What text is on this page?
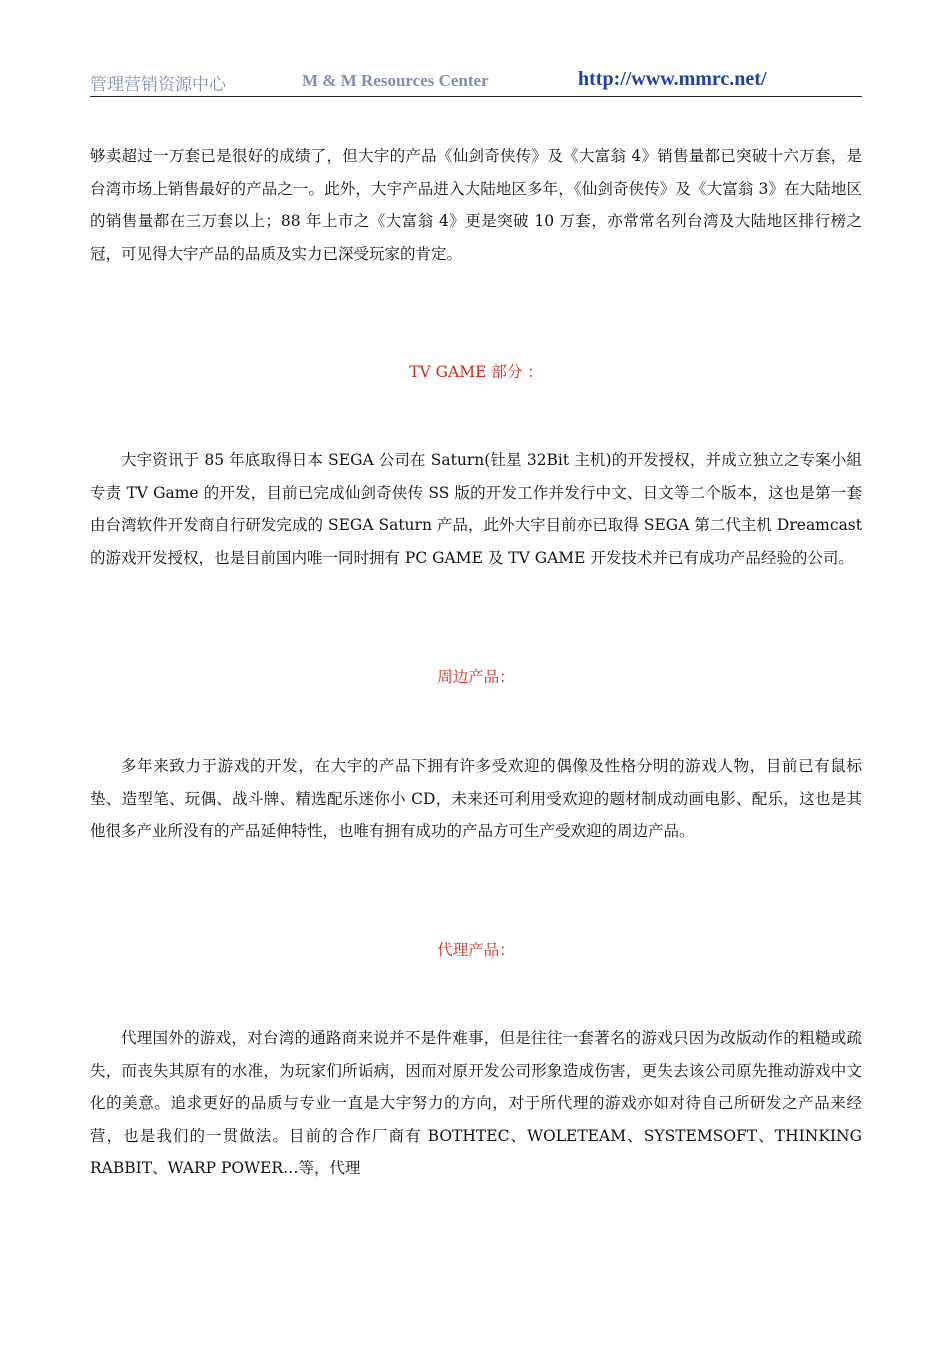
管理营销资源中心	M & M Resources Center	http://www.mmrc.net/

够卖超过一万套已是很好的成绩了，但大宇的产品《仙剑奇侠传》及《大富翁 4》销售量都已突破十六万套，是台湾市场上销售最好的产品之一。此外，大宇产品进入大陆地区多年，《仙剑奇侠传》及《大富翁 3》在大陆地区的销售量都在三万套以上；88 年上市之《大富翁 4》更是突破 10 万套，亦常常名列台湾及大陆地区排行榜之冠，可见得大宇产品的品质及实力已深受玩家的肯定。

TV GAME 部分 ：

大宇资讯于 85 年底取得日本 SEGA 公司在 Saturn(钍星 32Bit 主机)的开发授权，并成立独立之专案小組专责 TV Game 的开发，目前已完成仙剑奇侠传 SS 版的开发工作并发行中文、日文等二个版本，这也是第一套由台湾软件开发商自行研发完成的 SEGA Saturn 产品，此外大宇目前亦已取得 SEGA 第二代主机 Dreamcast 的游戏开发授权，也是目前国内唯一同时拥有 PC GAME 及 TV GAME 开发技术并已有成功产品经验的公司。

周边产品：

多年来致力于游戏的开发，在大宇的产品下拥有许多受欢迎的偶像及性格分明的游戏人物，目前已有鼠标垫、造型笔、玩偶、战斗牌、精选配乐迷你小 CD，未来还可利用受欢迎的题材制成动画电影、配乐，这也是其他很多产业所没有的产品延伸特性，也唯有拥有成功的产品方可生产受欢迎的周边产品。

代理产品：

代理国外的游戏，对台湾的通路商来说并不是件难事，但是往往一套著名的游戏只因为改版动作的粗糙或疏失，而丧失其原有的水准，为玩家们所诟病，因而对原开发公司形象造成伤害，更失去该公司原先推动游戏中文化的美意。追求更好的品质与专业一直是大宇努力的方向，对于所代理的游戏亦如对待自己所研发之产品来经营，也是我们的一贯做法。目前的合作厂商有 BOTHTEC、WOLETEAM、SYSTEMSOFT、THINKING RABBIT、WARP POWER…等，代理
